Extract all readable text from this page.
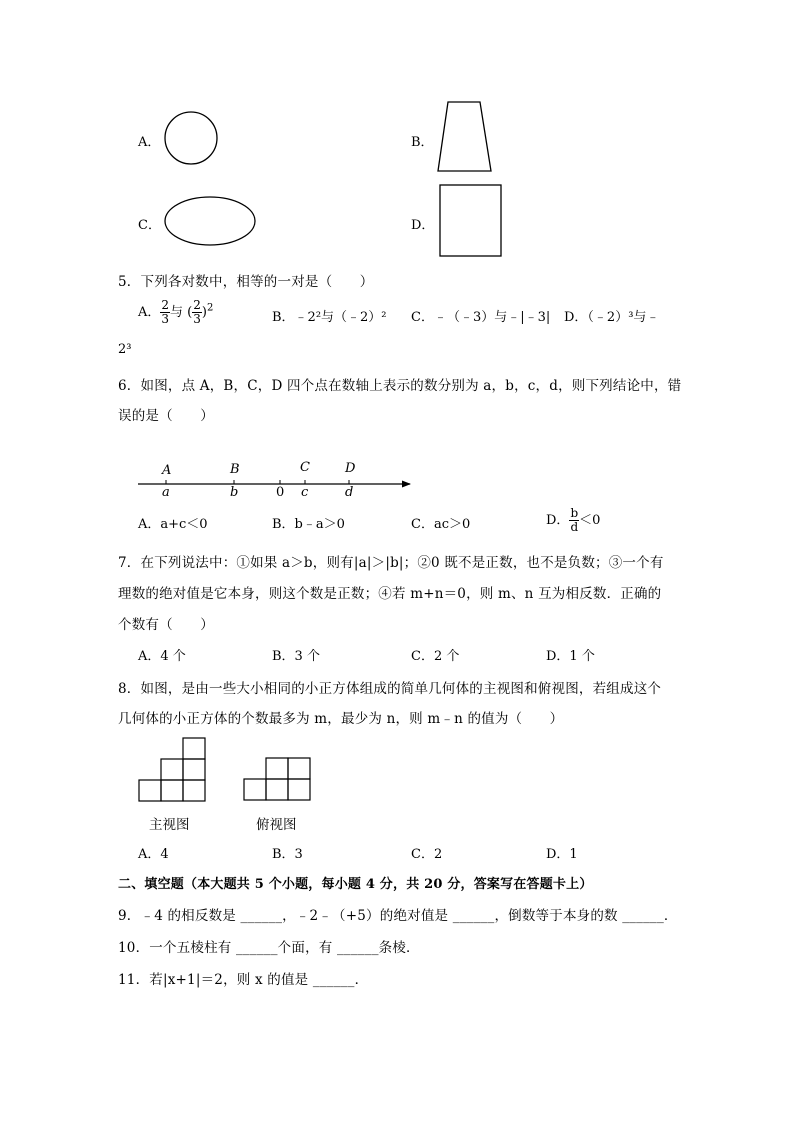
A．	B．
C．	D．
5．下列各对数中，相等的一对是（　　）
A． $\frac{2}{3}$ 与 ( $\frac{2}{3} )^2$
B．﹣2²与（﹣2）² C．﹣（﹣3）与﹣|﹣3| D．（﹣2）³与﹣
2³
6．如图，点 A，B，C，D 四个点在数轴上表示的数分别为 a，b，c，d，则下列结论中，错
误的是（　　）
A	B	C	D
a	b	0 c	d
A．a+c＜0	B．b﹣a＞0	C．ac＞0	D． $\frac{b}{d} <0$
7．在下列说法中：①如果 a＞b，则有|a|＞|b|；②0 既不是正数，也不是负数；③一个有
理数的绝对值是它本身，则这个数是正数；④若 m+n＝0，则 m、n 互为相反数．正确的
个数有（　　）
A．4 个	B．3 个	C．2 个	D．1 个
8．如图，是由一些大小相同的小正方体组成的简单几何体的主视图和俯视图，若组成这个
几何体的小正方体的个数最多为 m，最少为 n，则 m﹣n 的值为（　　）
主视图	俯视图
A．4	B．3	C．2	D．1
二、填空题（本大题共 5 个小题，每小题 4 分，共 20 分，答案写在答题卡上）
9．﹣4 的相反数是 ______，﹣2﹣（+5）的绝对值是 ______，倒数等于本身的数 ______．
10．一个五棱柱有 ______个面，有 ______条棱．
11．若|x+1|＝2，则 x 的值是 ______．
